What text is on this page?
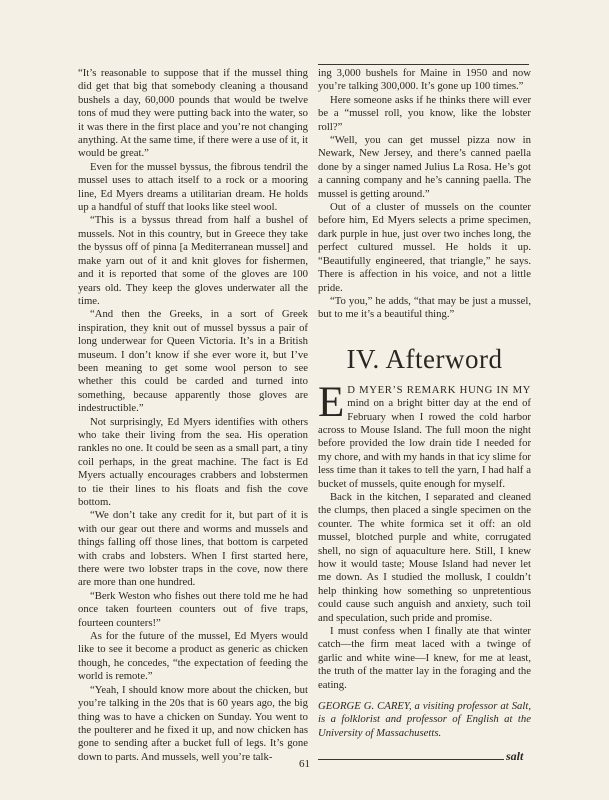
“It’s reasonable to suppose that if the mussel thing did get that big that somebody cleaning a thousand bushels a day, 60,000 pounds that would be twelve tons of mud they were putting back into the water, so it was there in the first place and you’re not changing anything. At the same time, if there were a use of it, it would be great.”

Even for the mussel byssus, the fibrous tendril the mussel uses to attach itself to a rock or a mooring line, Ed Myers dreams a utilitarian dream. He holds up a handful of stuff that looks like steel wool.

“This is a byssus thread from half a bushel of mussels. Not in this country, but in Greece they take the byssus off of pinna [a Mediterranean mussel] and make yarn out of it and knit gloves for fishermen, and it is reported that some of the gloves are 100 years old. They keep the gloves underwater all the time.

“And then the Greeks, in a sort of Greek inspiration, they knit out of mussel byssus a pair of long underwear for Queen Victoria. It’s in a British museum. I don’t know if she ever wore it, but I’ve been meaning to get some wool person to see whether this could be carded and turned into something, because apparently those gloves are indestructible.”

Not surprisingly, Ed Myers identifies with others who take their living from the sea. His operation rankles no one. It could be seen as a small part, a tiny coil perhaps, in the great machine. The fact is Ed Myers actually encourages crabbers and lobstermen to tie their lines to his floats and fish the cove bottom.

“We don’t take any credit for it, but part of it is with our gear out there and worms and mussels and things falling off those lines, that bottom is carpeted with crabs and lobsters. When I first started here, there were two lobster traps in the cove, now there are more than one hundred.

“Berk Weston who fishes out there told me he had once taken fourteen counters out of five traps, fourteen counters!”

As for the future of the mussel, Ed Myers would like to see it become a product as generic as chicken though, he concedes, “the expectation of feeding the world is remote.”

“Yeah, I should know more about the chicken, but you’re talking in the 20s that is 60 years ago, the big thing was to have a chicken on Sunday. You went to the poulterer and he fixed it up, and now chicken has gone to sending after a bucket full of legs. It’s gone down to parts. And mussels, well you’re talk-

ing 3,000 bushels for Maine in 1950 and now you’re talking 300,000. It’s gone up 100 times.”

Here someone asks if he thinks there will ever be a “mussel roll, you know, like the lobster roll?”

“Well, you can get mussel pizza now in Newark, New Jersey, and there’s canned paella done by a singer named Julius La Rosa. He’s got a canning company and he’s canning paella. The mussel is getting around.”

Out of a cluster of mussels on the counter before him, Ed Myers selects a prime specimen, dark purple in hue, just over two inches long, the perfect cultured mussel. He holds it up. “Beautifully engineered, that triangle,” he says. There is affection in his voice, and not a little pride.

“To you,” he adds, “that may be just a mussel, but to me it’s a beautiful thing.”

IV. Afterword

E D MYER’S REMARK HUNG IN MY mind on a bright bitter day at the end of February when I rowed the cold harbor across to Mouse Island. The full moon the night before provided the low drain tide I needed for my chore, and with my hands in that icy slime for less time than it takes to tell the yarn, I had half a bucket of mussels, quite enough for myself.

Back in the kitchen, I separated and cleaned the clumps, then placed a single specimen on the counter. The white formica set it off: an old mussel, blotched purple and white, corrugated shell, no sign of aquaculture here. Still, I knew how it would taste; Mouse Island had never let me down. As I studied the mollusk, I couldn’t help thinking how something so unpretentious could cause such anguish and anxiety, such toil and speculation, such pride and promise.

I must confess when I finally ate that winter catch—the firm meat laced with a twinge of garlic and white wine—I knew, for me at least, the truth of the matter lay in the foraging and the eating.

GEORGE G. CAREY, a visiting professor at Salt, is a folklorist and professor of English at the University of Massachusetts.

salt
61
